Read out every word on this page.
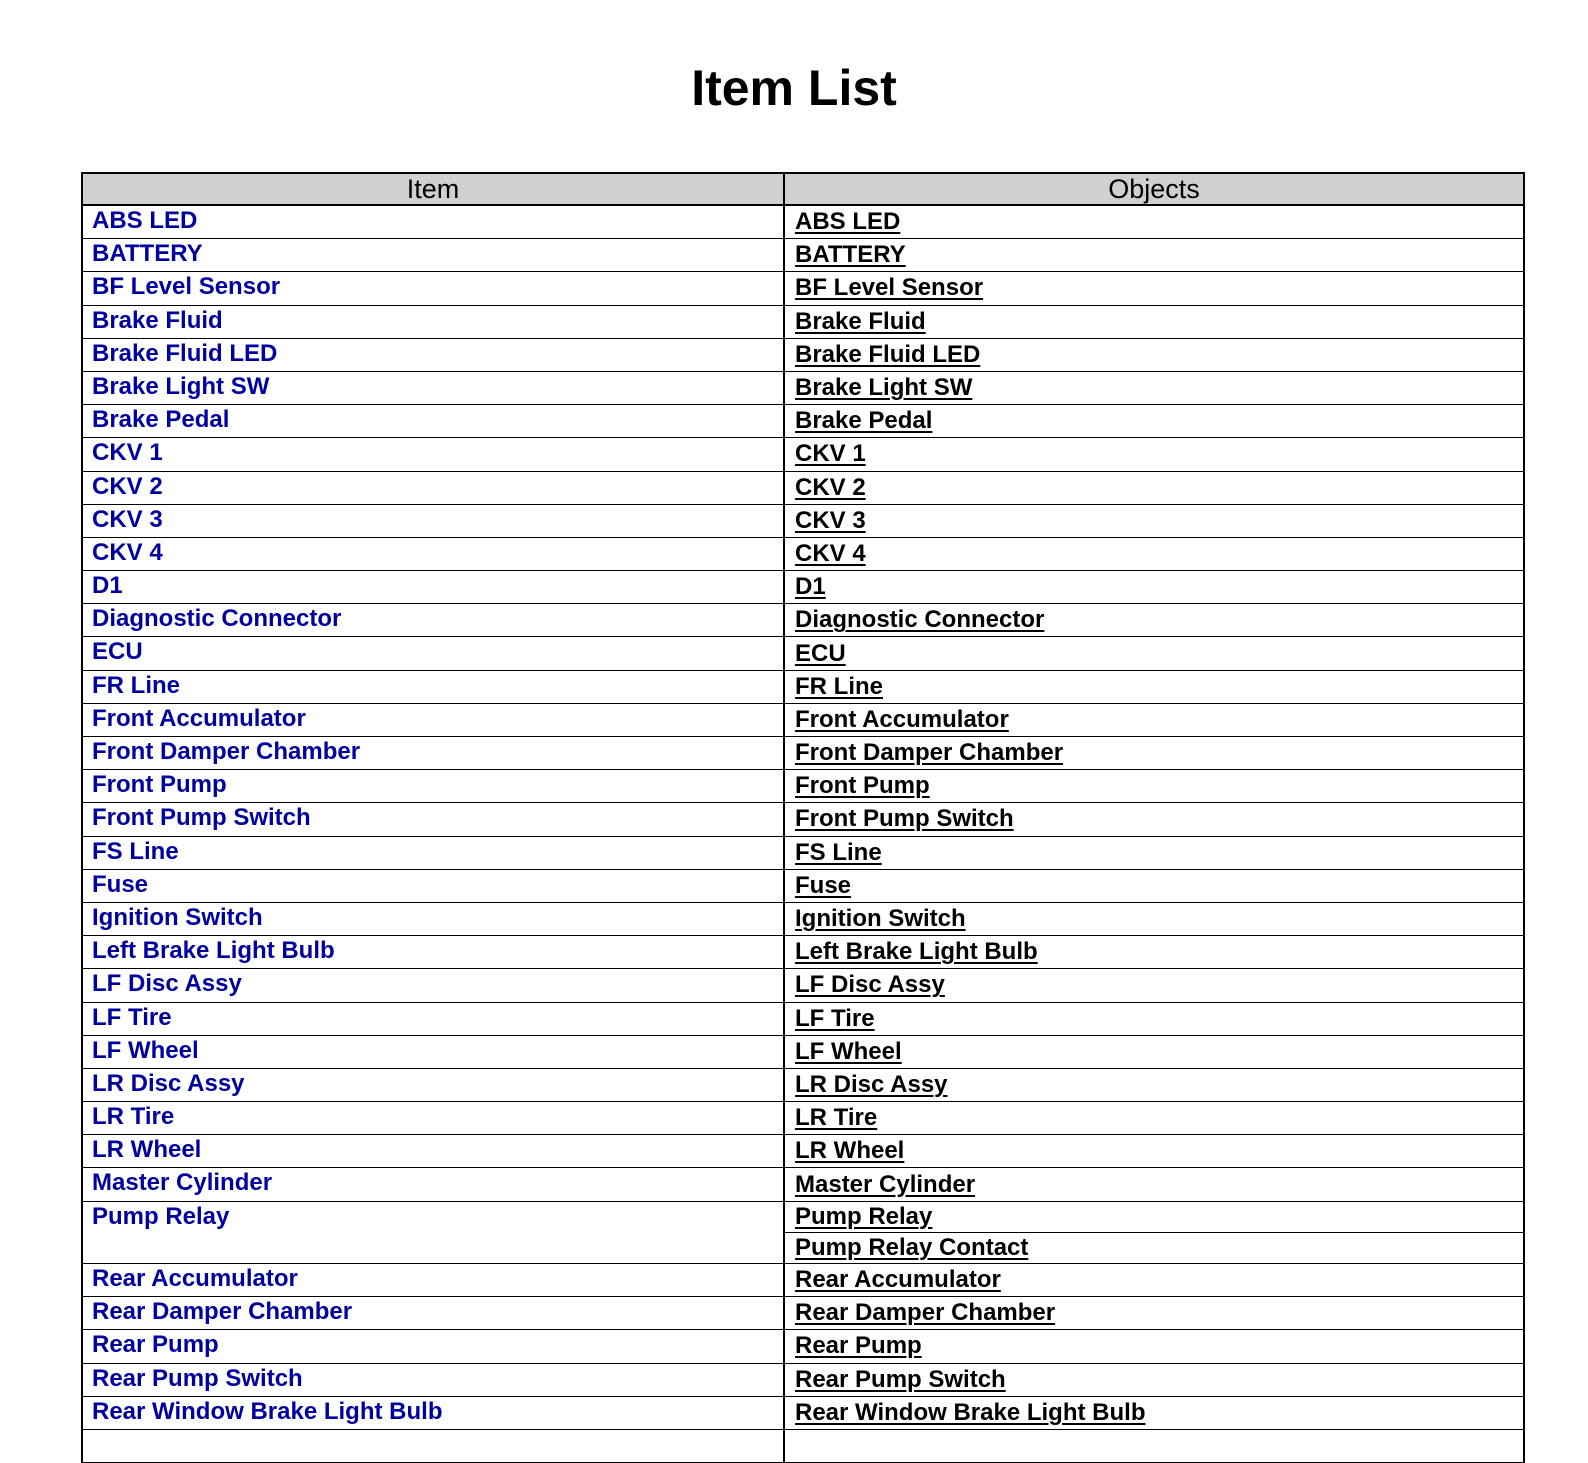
Item List
Item	Objects
ABS LED	ABS LED
BATTERY	BATTERY
BF Level Sensor	BF Level Sensor
Brake Fluid	Brake Fluid
Brake Fluid LED	Brake Fluid LED
Brake Light SW	Brake Light SW
Brake Pedal	Brake Pedal
CKV 1	CKV 1
CKV 2	CKV 2
CKV 3	CKV 3
CKV 4	CKV 4
D1	D1
Diagnostic Connector	Diagnostic Connector
ECU	ECU
FR Line	FR Line
Front Accumulator	Front Accumulator
Front Damper Chamber	Front Damper Chamber
Front Pump	Front Pump
Front Pump Switch	Front Pump Switch
FS Line	FS Line
Fuse	Fuse
Ignition Switch	Ignition Switch
Left Brake Light Bulb	Left Brake Light Bulb
LF Disc Assy	LF Disc Assy
LF Tire	LF Tire
LF Wheel	LF Wheel
LR Disc Assy	LR Disc Assy
LR Tire	LR Tire
LR Wheel	LR Wheel
Master Cylinder	Master Cylinder
Pump Relay	Pump Relay
	Pump Relay Contact
Rear Accumulator	Rear Accumulator
Rear Damper Chamber	Rear Damper Chamber
Rear Pump	Rear Pump
Rear Pump Switch	Rear Pump Switch
Rear Window Brake Light Bulb	Rear Window Brake Light Bulb
